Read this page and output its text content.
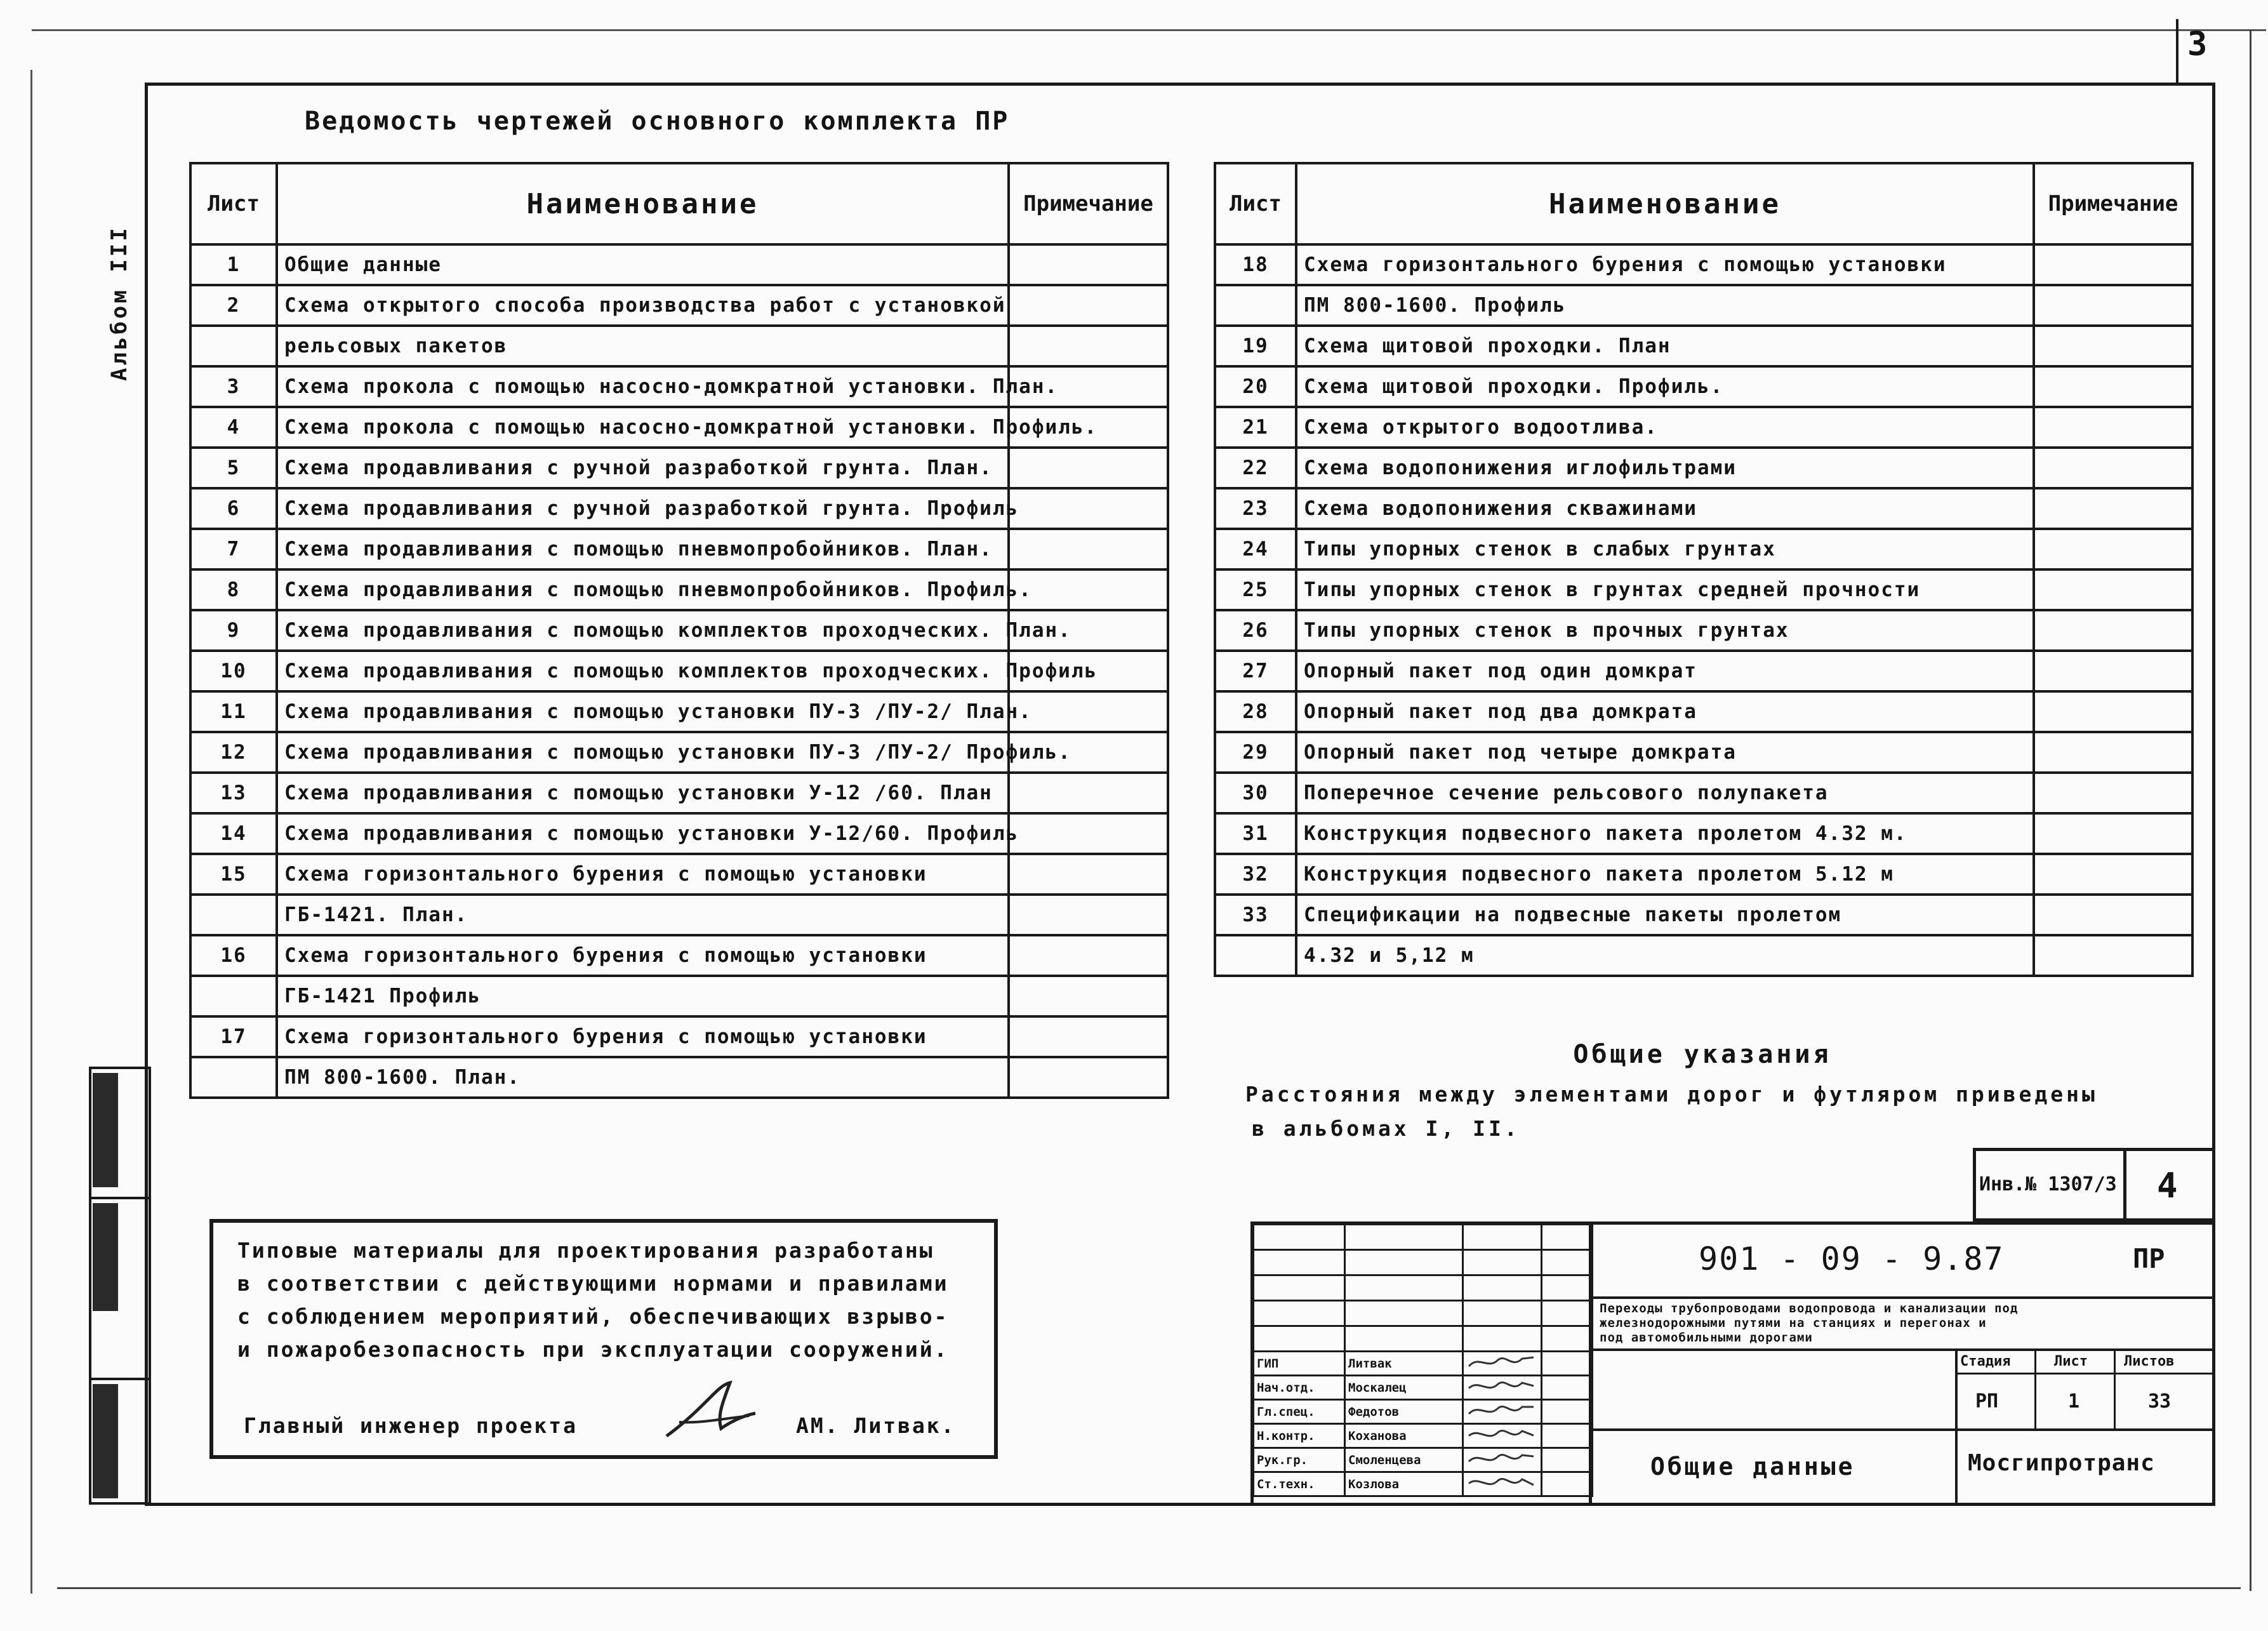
3
Альбом III
Ведомость чертежей основного комплекта ПР
Лист	Наименование	Примечание
1	Общие данные	
2	Схема открытого способа производства работ с установкой	
	рельсовых пакетов	
3	Схема прокола с помощью насосно-домкратной установки. План.	
4	Схема прокола с помощью насосно-домкратной установки. Профиль.	
5	Схема продавливания с ручной разработкой грунта. План.	
6	Схема продавливания с ручной разработкой грунта. Профиль	
7	Схема продавливания с помощью пневмопробойников. План.	
8	Схема продавливания с помощью пневмопробойников. Профиль.	
9	Схема продавливания с помощью комплектов проходческих. План.	
10	Схема продавливания с помощью комплектов проходческих. Профиль	
11	Схема продавливания с помощью установки ПУ-3 /ПУ-2/ План.	
12	Схема продавливания с помощью установки ПУ-3 /ПУ-2/ Профиль.	
13	Схема продавливания с помощью установки У-12 /60. План	
14	Схема продавливания с помощью установки У-12/60. Профиль	
15	Схема горизонтального бурения с помощью установки	
	ГБ-1421. План.	
16	Схема горизонтального бурения с помощью установки	
	ГБ-1421 Профиль	
17	Схема горизонтального бурения с помощью установки	
	ПМ 800-1600. План.	
Лист	Наименование	Примечание
18	Схема горизонтального бурения с помощью установки	
	ПМ 800-1600. Профиль	
19	Схема щитовой проходки. План	
20	Схема щитовой проходки. Профиль.	
21	Схема открытого водоотлива.	
22	Схема водопонижения иглофильтрами	
23	Схема водопонижения скважинами	
24	Типы упорных стенок в слабых грунтах	
25	Типы упорных стенок в грунтах средней прочности	
26	Типы упорных стенок в прочных грунтах	
27	Опорный пакет под один домкрат	
28	Опорный пакет под два домкрата	
29	Опорный пакет под четыре домкрата	
30	Поперечное сечение рельсового полупакета	
31	Конструкция подвесного пакета пролетом 4.32 м.	
32	Конструкция подвесного пакета пролетом 5.12 м	
33	Спецификации на подвесные пакеты пролетом	
	4.32 и 5,12 м	
Общие указания
Расстояния между элементами дорог и футляром приведены
в альбомах I, II.
Типовые материалы для проектирования разработаны
в соответствии с действующими нормами и правилами
с соблюдением мероприятий, обеспечивающих взрыво-
и пожаробезопасность при эксплуатации сооружений.
Главный инженер проекта	АМ. Литвак.
Инв.№ 1307/3 4

ГИП	Литвак		
Нач.отд.	Москалец		
Гл.спец.	Федотов		
Н.контр.	Коханова		
Рук.гр.	Смоленцева		
Ст.техн.	Козлова		
901 - 09 - 9.87	ПР
Переходы трубопроводами водопровода и канализации под
железнодорожными путями на станциях и перегонах и
под автомобильными дорогами
Стадия	Лист	Листов
РП	1	33
Общие данные	Мосгипротранс
